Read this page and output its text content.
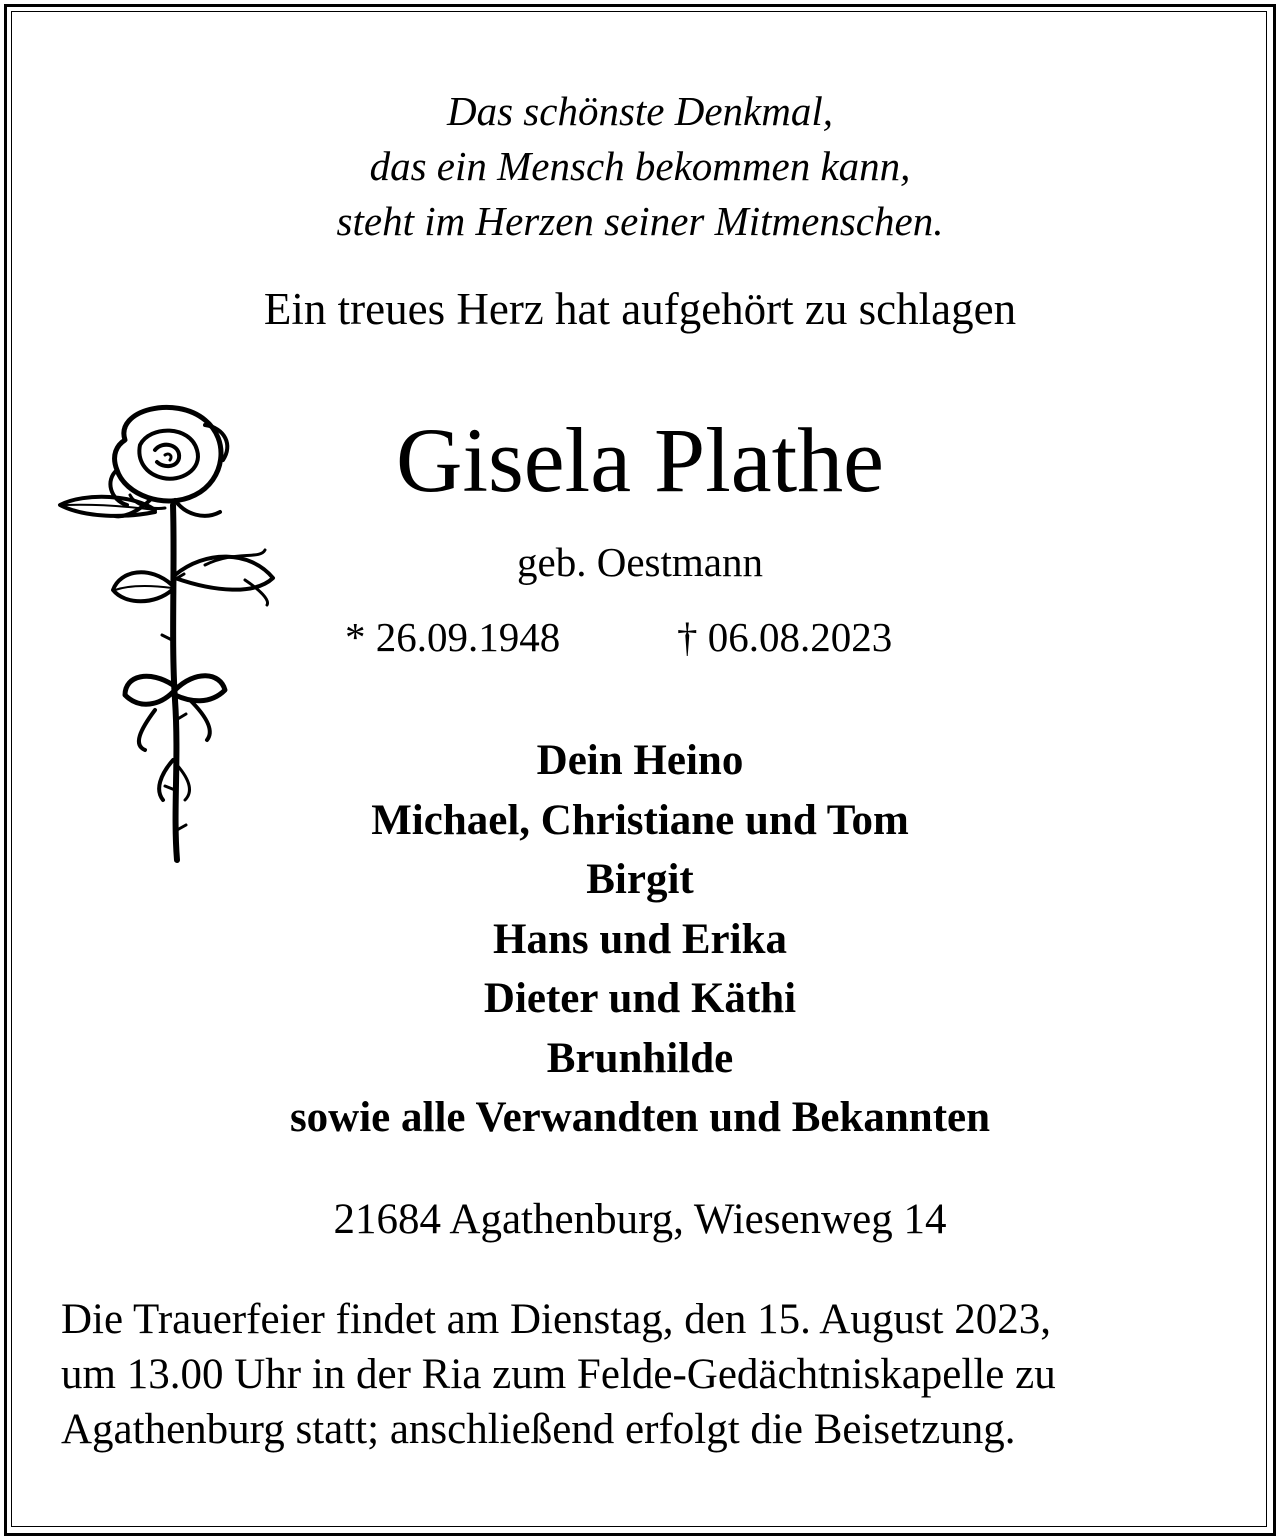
Das schönste Denkmal,
das ein Mensch bekommen kann,
steht im Herzen seiner Mitmenschen.
Ein treues Herz hat aufgehört zu schlagen
Gisela Plathe
geb. Oestmann
* 26.09.1948	† 06.08.2023
Dein Heino
Michael, Christiane und Tom
Birgit
Hans und Erika
Dieter und Käthi
Brunhilde
sowie alle Verwandten und Bekannten
21684 Agathenburg, Wiesenweg 14
Die Trauerfeier findet am Dienstag, den 15. August 2023,
um 13.00 Uhr in der Ria zum Felde-Gedächtniskapelle zu
Agathenburg statt; anschließend erfolgt die Beisetzung.
